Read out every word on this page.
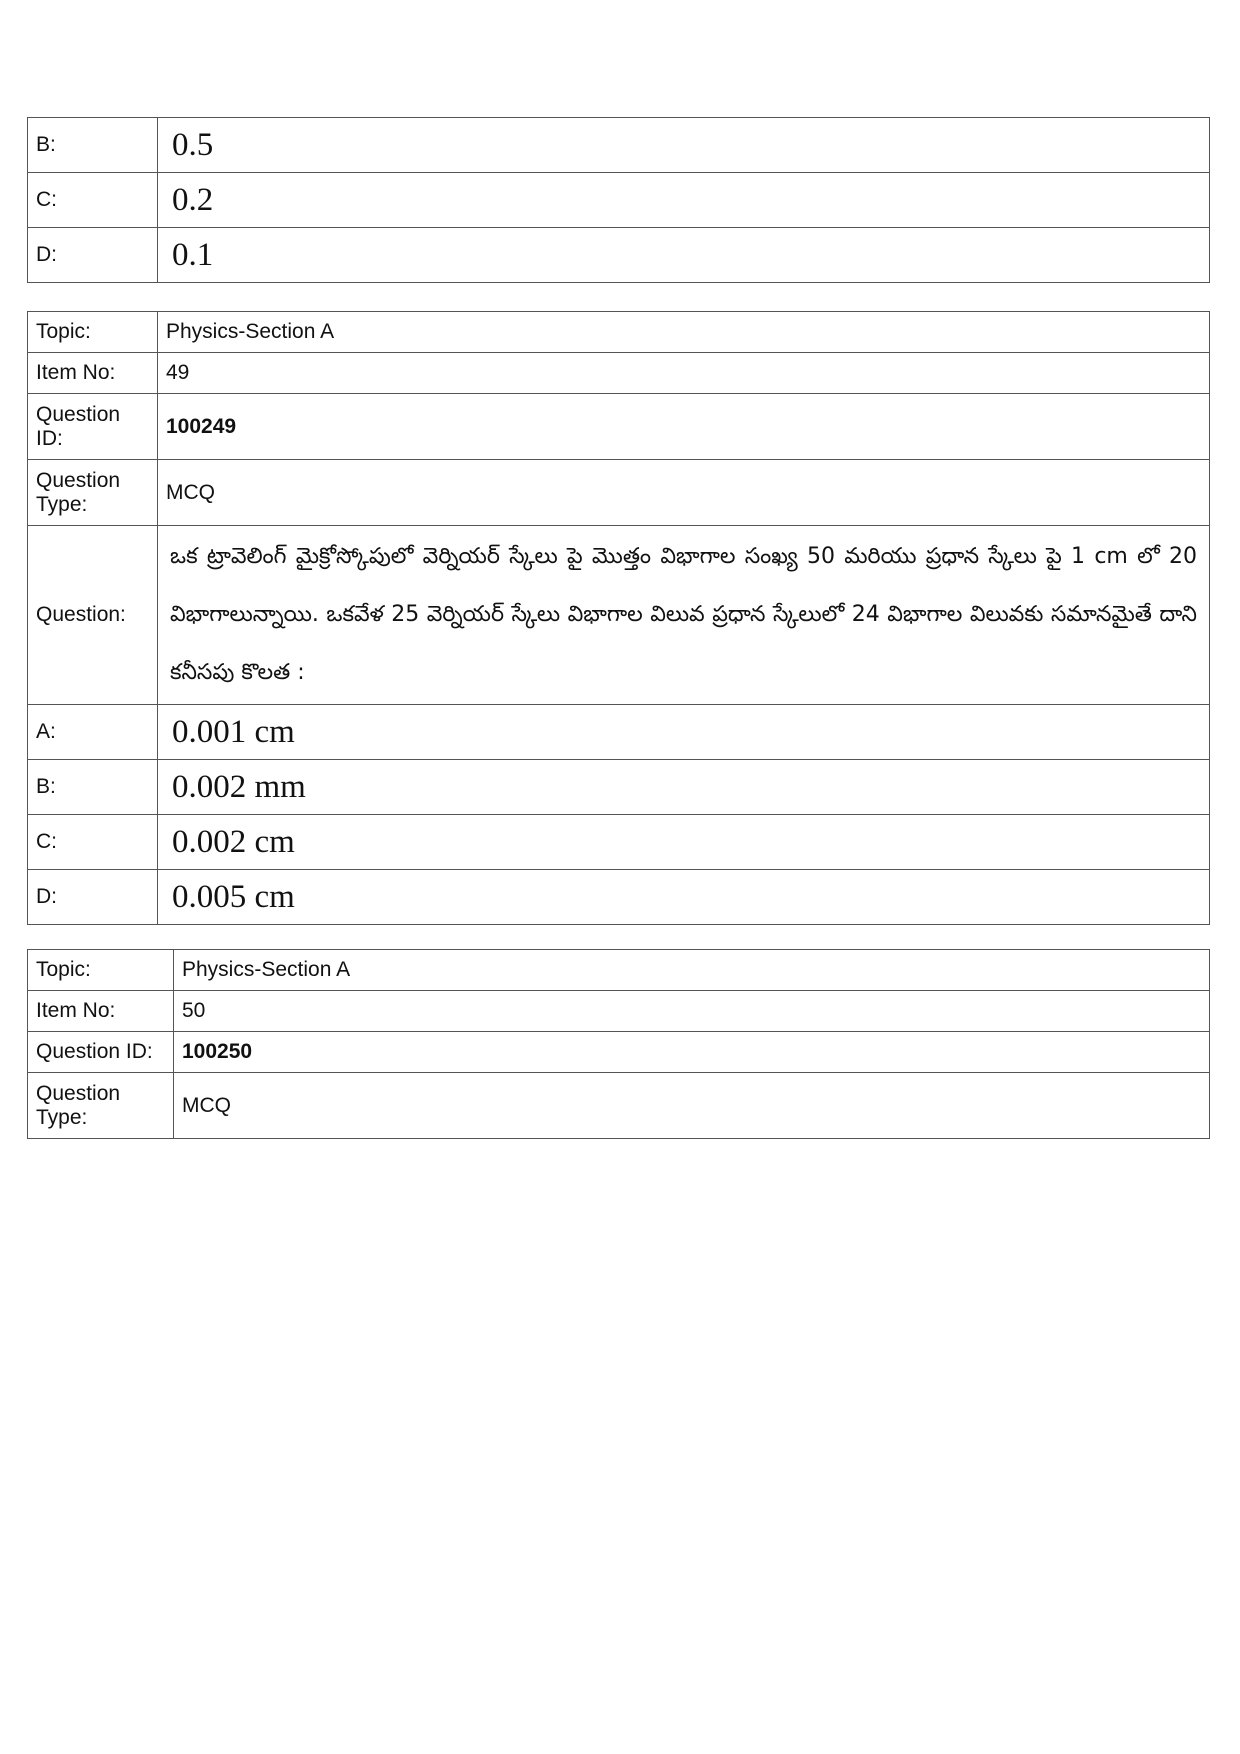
B:	0.5
C:	0.2
D:	0.1
Topic:	Physics-Section A
Item No:	49
Question ID:	100249
Question Type:	MCQ
Question:	ఒక ట్రావెలింగ్ మైక్రోస్కోపులో వెర్నియర్ స్కేలు పై మొత్తం విభాగాల సంఖ్య 50 మరియు ప్రధాన స్కేలు పై 1 cm లో 20 విభాగాలున్నాయి. ఒకవేళ 25 వెర్నియర్ స్కేలు విభాగాల విలువ ప్రధాన స్కేలులో 24 విభాగాల విలువకు సమానమైతే దాని కనీసపు కొలత :
A:	0.001 cm
B:	0.002 mm
C:	0.002 cm
D:	0.005 cm
Topic:	Physics-Section A
Item No:	50
Question ID:	100250
Question Type:	MCQ
